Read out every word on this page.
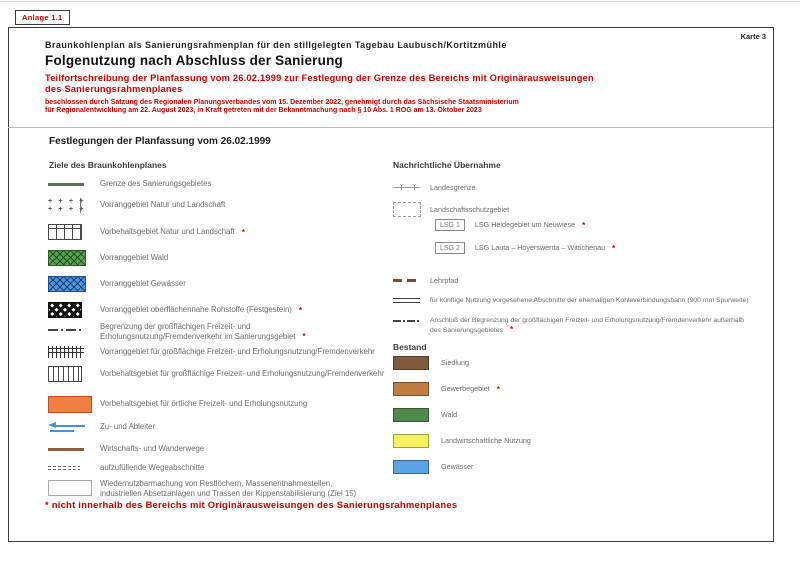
Anlage 1.1
Karte 3
Braunkohlenplan als Sanierungsrahmenplan für den stillgelegten Tagebau Laubusch/Kortitzmühle
Folgenutzung nach Abschluss der Sanierung
Teilfortschreibung der Planfassung vom 26.02.1999 zur Festlegung der Grenze des Bereichs mit Originärausweisungen
des Sanierungsrahmenplanes
beschlossen durch Satzung des Regionalen Planungsverbandes vom 15. Dezember 2022, genehmigt durch das Sächsische Staatsministerium
für Regionalentwicklung am 22. August 2023, in Kraft getreten mit der Bekanntmachung nach § 10 Abs. 1 ROG am 13. Oktober 2023
Festlegungen der Planfassung vom 26.02.1999
Ziele des Braunkohlenplanes
Grenze des Sanierungsgebietes
+ + + + + + + +
Vorranggebiet Natur und Landschaft
Vorbehaltsgebiet Natur und Landschaft *
Vorranggebiet Wald
Vorranggebiet Gewässer
Vorranggebiet oberflächennahe Rohstoffe (Festgestein) *
Begrenzung der großflächigen Freizeit- und
Erholungsnutzung/Fremdenverkehr im Sanierungsgebiet *
Vorranggebiet für großflächige Freizeit- und Erholungsnutzung/Fremdenverkehr
Vorbehaltsgebiet für großflächige Freizeit- und Erholungsnutzung/Fremdenverkehr
Vorbehaltsgebiet für örtliche Freizeit- und Erholungsnutzung
Zu- und Ableiter
Wirtschafts- und Wanderwege
aufzufüllende Wegeabschnitte
Wiedernutzbarmachung von Restlöchern, Massenentnahmestellen,
industriellen Absetzanlagen und Trassen der Kippenstabilisierung (Ziel 15)
Nachrichtliche Übernahme
Landesgrenze
Landschaftsschutzgebiet
LSG 1	LSG Heidegebiet um Neuwiese *
LSG 2	LSG Lauta – Hoyerswerda – Wittichenau *
Lehrpfad
für künftige Nutzung vorgesehene Abschnitte der ehemaligen Kohleverbindungsbahn (900 mm Spurweite)
Anschluß der Begrenzung der großflächigen Freizeit- und Erholungsnutzung/Fremdenverkehr außerhalb
des Sanierungsgebietes *
Bestand
Siedlung
Gewerbegebiet *
Wald
Landwirtschaftliche Nutzung
Gewässer
* nicht innerhalb des Bereichs mit Originärausweisungen des Sanierungsrahmenplanes
